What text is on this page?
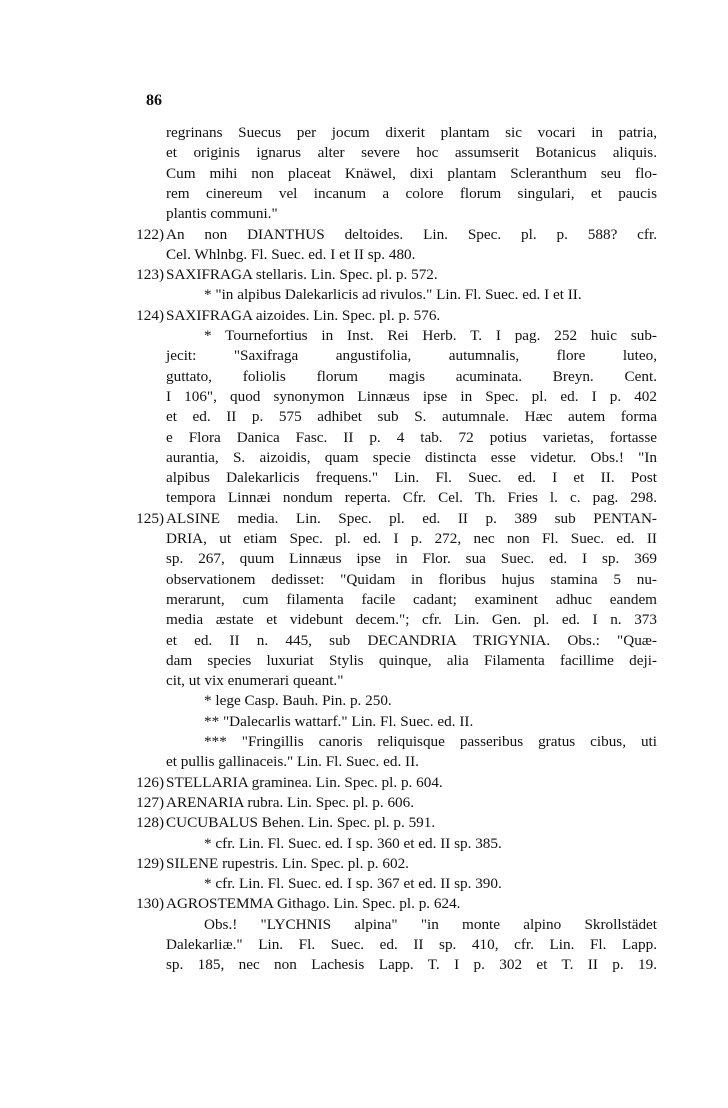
86
regrinans Suecus per jocum dixerit plantam sic vocari in patria,
et originis ignarus alter severe hoc assumserit Botanicus aliquis.
Cum mihi non placeat Knäwel, dixi plantam Scleranthum seu flo-
rem cinereum vel incanum a colore florum singulari, et paucis
plantis communi."
122) An non DIANTHUS deltoides. Lin. Spec. pl. p. 588? cfr.
Cel. Whlnbg. Fl. Suec. ed. I et II sp. 480.
123) SAXIFRAGA stellaris. Lin. Spec. pl. p. 572.
* "in alpibus Dalekarlicis ad rivulos." Lin. Fl. Suec. ed. I et II.
124) SAXIFRAGA aizoides. Lin. Spec. pl. p. 576.
* Tournefortius in Inst. Rei Herb. T. I pag. 252 huic sub-
jecit: "Saxifraga angustifolia, autumnalis, flore luteo,
guttato, foliolis florum magis acuminata. Breyn. Cent.
I 106", quod synonymon Linnæus ipse in Spec. pl. ed. I p. 402
et ed. II p. 575 adhibet sub S. autumnale. Hæc autem forma
e Flora Danica Fasc. II p. 4 tab. 72 potius varietas, fortasse
aurantia, S. aizoidis, quam specie distincta esse videtur. Obs.! "In
alpibus Dalekarlicis frequens." Lin. Fl. Suec. ed. I et II. Post
tempora Linnæi nondum reperta. Cfr. Cel. Th. Fries l. c. pag. 298.
125) ALSINE media. Lin. Spec. pl. ed. II p. 389 sub PENTAN-
DRIA, ut etiam Spec. pl. ed. I p. 272, nec non Fl. Suec. ed. II
sp. 267, quum Linnæus ipse in Flor. sua Suec. ed. I sp. 369
observationem dedisset: "Quidam in floribus hujus stamina 5 nu-
merarunt, cum filamenta facile cadant; examinent adhuc eandem
media æstate et videbunt decem."; cfr. Lin. Gen. pl. ed. I n. 373
et ed. II n. 445, sub DECANDRIA TRIGYNIA. Obs.: "Quæ-
dam species luxuriat Stylis quinque, alia Filamenta facillime deji-
cit, ut vix enumerari queant."
* lege Casp. Bauh. Pin. p. 250.
** "Dalecarlis wattarf." Lin. Fl. Suec. ed. II.
*** "Fringillis canoris reliquisque passeribus gratus cibus, uti
et pullis gallinaceis." Lin. Fl. Suec. ed. II.
126) STELLARIA graminea. Lin. Spec. pl. p. 604.
127) ARENARIA rubra. Lin. Spec. pl. p. 606.
128) CUCUBALUS Behen. Lin. Spec. pl. p. 591.
* cfr. Lin. Fl. Suec. ed. I sp. 360 et ed. II sp. 385.
129) SILENE rupestris. Lin. Spec. pl. p. 602.
* cfr. Lin. Fl. Suec. ed. I sp. 367 et ed. II sp. 390.
130) AGROSTEMMA Githago. Lin. Spec. pl. p. 624.
Obs.! "LYCHNIS alpina" "in monte alpino Skrollstädet
Dalekarliæ." Lin. Fl. Suec. ed. II sp. 410, cfr. Lin. Fl. Lapp.
sp. 185, nec non Lachesis Lapp. T. I p. 302 et T. II p. 19.
